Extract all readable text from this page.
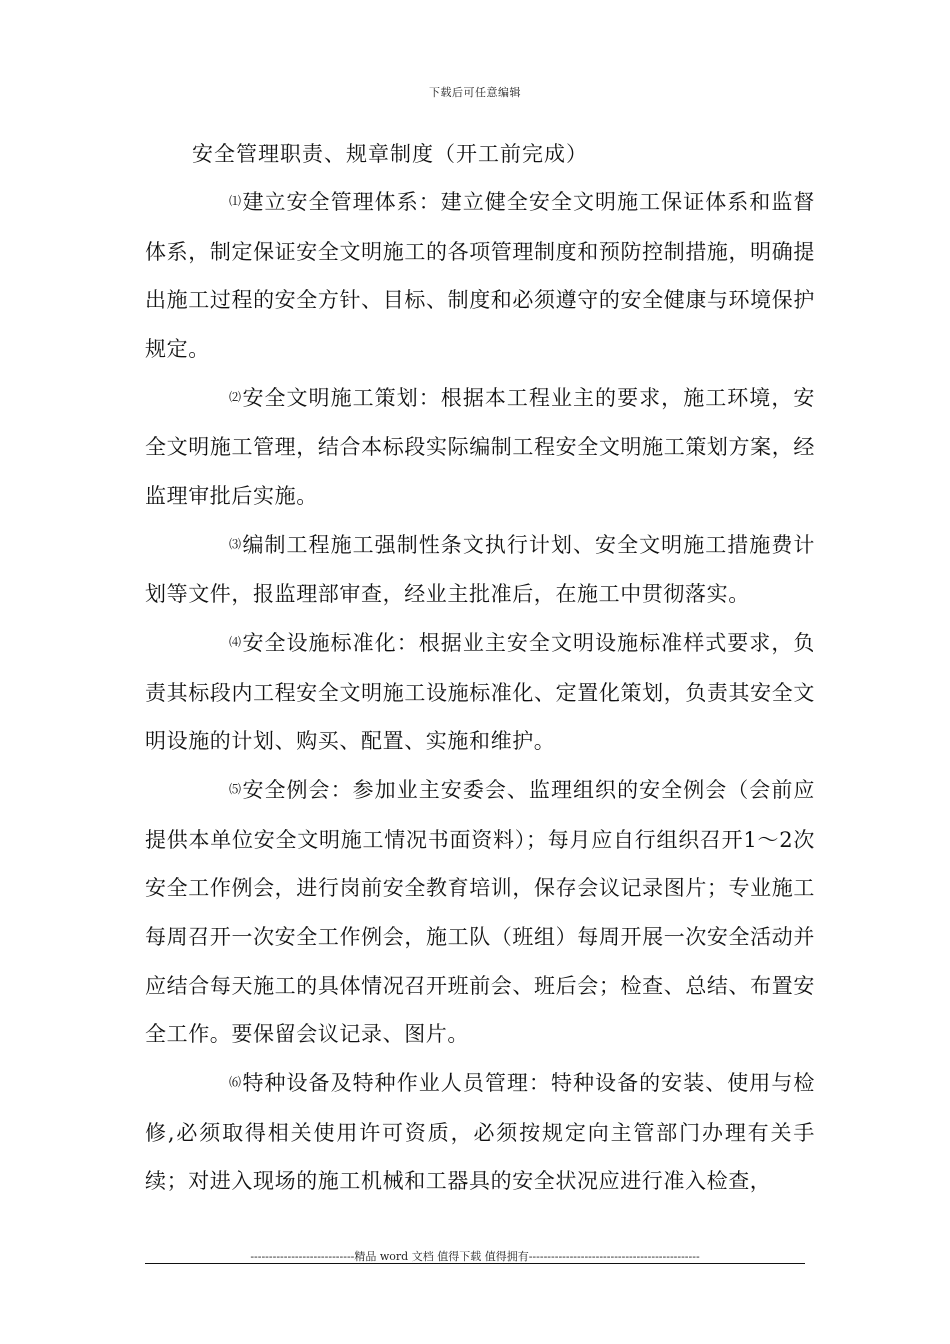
下载后可任意编辑
安全管理职责、规章制度（开工前完成）

⑴建立安全管理体系：建立健全安全文明施工保证体系和监督体系，制定保证安全文明施工的各项管理制度和预防控制措施，明确提出施工过程的安全方针、目标、制度和必须遵守的安全健康与环境保护规定。

⑵安全文明施工策划：根据本工程业主的要求，施工环境，安全文明施工管理，结合本标段实际编制工程安全文明施工策划方案，经监理审批后实施。

⑶编制工程施工强制性条文执行计划、安全文明施工措施费计划等文件，报监理部审查，经业主批准后，在施工中贯彻落实。

⑷安全设施标准化：根据业主安全文明设施标准样式要求，负责其标段内工程安全文明施工设施标准化、定置化策划，负责其安全文明设施的计划、购买、配置、实施和维护。

⑸安全例会：参加业主安委会、监理组织的安全例会（会前应提供本单位安全文明施工情况书面资料）；每月应自行组织召开1～2次安全工作例会，进行岗前安全教育培训，保存会议记录图片；专业施工每周召开一次安全工作例会，施工队（班组）每周开展一次安全活动并应结合每天施工的具体情况召开班前会、班后会；检查、总结、布置安全工作。要保留会议记录、图片。

⑹特种设备及特种作业人员管理：特种设备的安装、使用与检修,必须取得相关使用许可资质，必须按规定向主管部门办理有关手续；对进入现场的施工机械和工器具的安全状况应进行准入检查，

----------------------------精品 word 文档 值得下载 值得拥有----------------------------------------------
